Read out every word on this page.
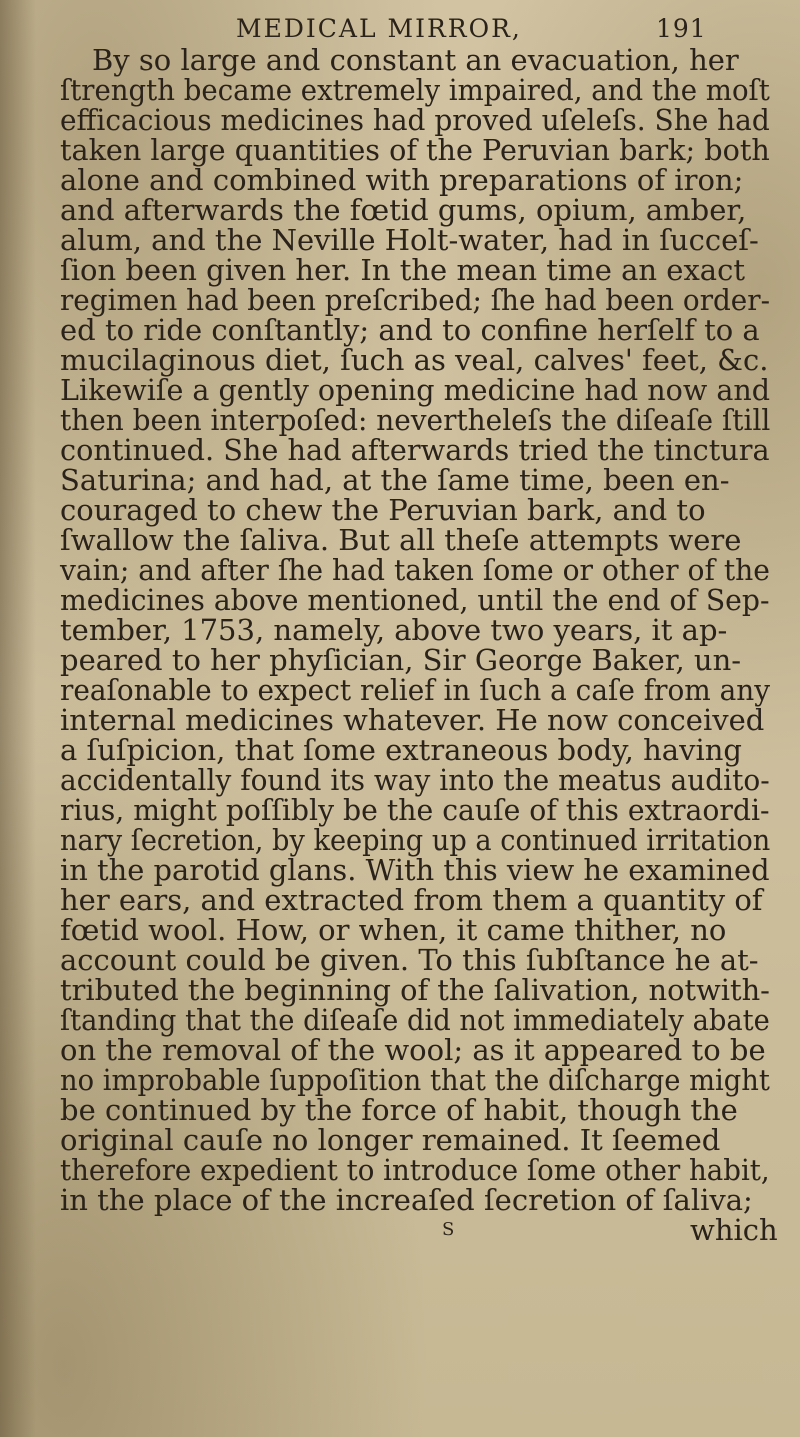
MEDICAL MIRROR,	191
By so large and constant an evacuation, her
ſtrength became extremely impaired, and the moſt
efficacious medicines had proved uſeleſs. She had
taken large quantities of the Peruvian bark; both
alone and combined with preparations of iron;
and afterwards the fœtid gums, opium, amber,
alum, and the Neville Holt-water, had in ſucceſ-
ſion been given her. In the mean time an exact
regimen had been preſcribed; ſhe had been order-
ed to ride conſtantly; and to confine herſelf to a
mucilaginous diet, ſuch as veal, calves' feet, &c.
Likewiſe a gently opening medicine had now and
then been interpoſed: nevertheleſs the diſeaſe ſtill
continued. She had afterwards tried the tinctura
Saturina; and had, at the ſame time, been en-
couraged to chew the Peruvian bark, and to
ſwallow the ſaliva. But all theſe attempts were
vain; and after ſhe had taken ſome or other of the
medicines above mentioned, until the end of Sep-
tember, 1753, namely, above two years, it ap-
peared to her phyſician, Sir George Baker, un-
reaſonable to expect relief in ſuch a caſe from any
internal medicines whatever. He now conceived
a ſuſpicion, that ſome extraneous body, having
accidentally found its way into the meatus audito-
rius, might poſſibly be the cauſe of this extraordi-
nary ſecretion, by keeping up a continued irritation
in the parotid glans. With this view he examined
her ears, and extracted from them a quantity of
fœtid wool. How, or when, it came thither, no
account could be given. To this ſubſtance he at-
tributed the beginning of the ſalivation, notwith-
ſtanding that the diſeaſe did not immediately abate
on the removal of the wool; as it appeared to be
no improbable ſuppoſition that the diſcharge might
be continued by the force of habit, though the
original cauſe no longer remained. It ſeemed
therefore expedient to introduce ſome other habit,
in the place of the increaſed ſecretion of ſaliva;
S	which
